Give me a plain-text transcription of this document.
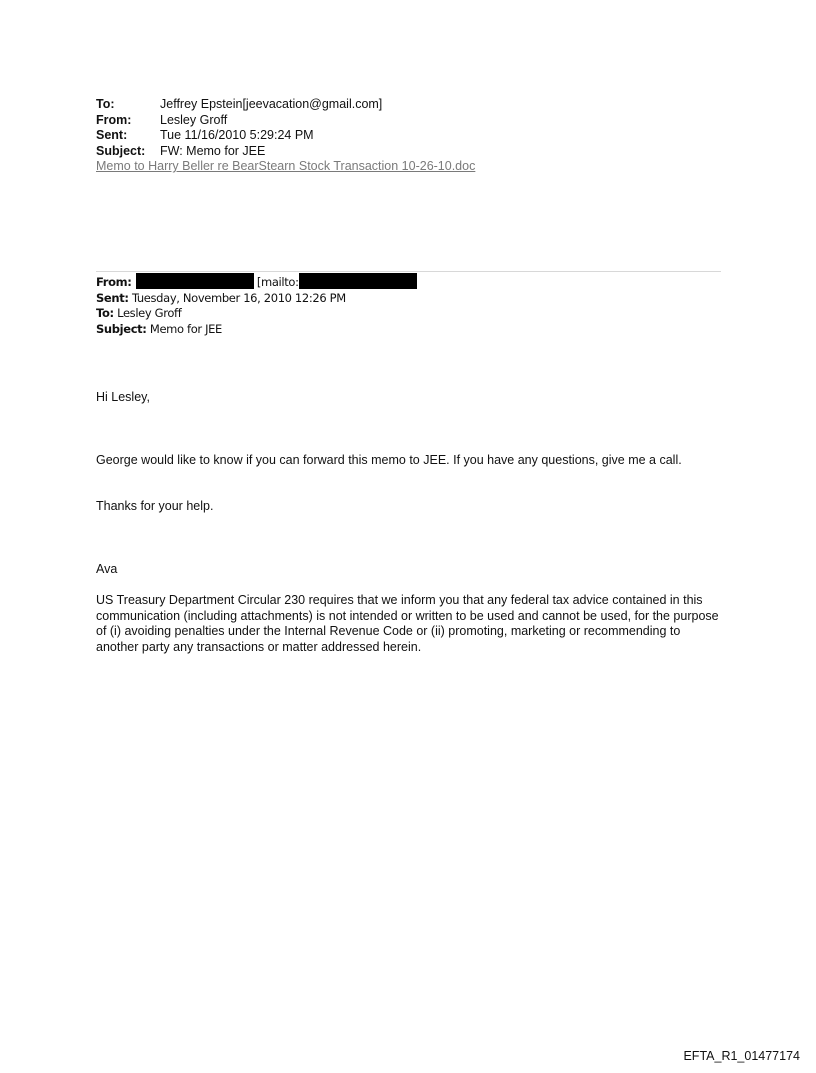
To:	Jeffrey Epstein[jeevacation@gmail.com]
From:	Lesley Groff
Sent:	Tue 11/16/2010 5:29:24 PM
Subject:	FW: Memo for JEE
Memo to Harry Beller re BearStearn Stock Transaction 10-26-10.doc
From:	[mailto:
Sent: Tuesday, November 16, 2010 12:26 PM
To: Lesley Groff
Subject: Memo for JEE
Hi Lesley,
George would like to know if you can forward this memo to JEE. If you have any questions, give me a call.
Thanks for your help.
Ava
US Treasury Department Circular 230 requires that we inform you that any federal tax advice contained in this communication (including attachments) is not intended or written to be used and cannot be used, for the purpose of (i) avoiding penalties under the Internal Revenue Code or (ii) promoting, marketing or recommending to another party any transactions or matter addressed herein.
EFTA_R1_01477174
